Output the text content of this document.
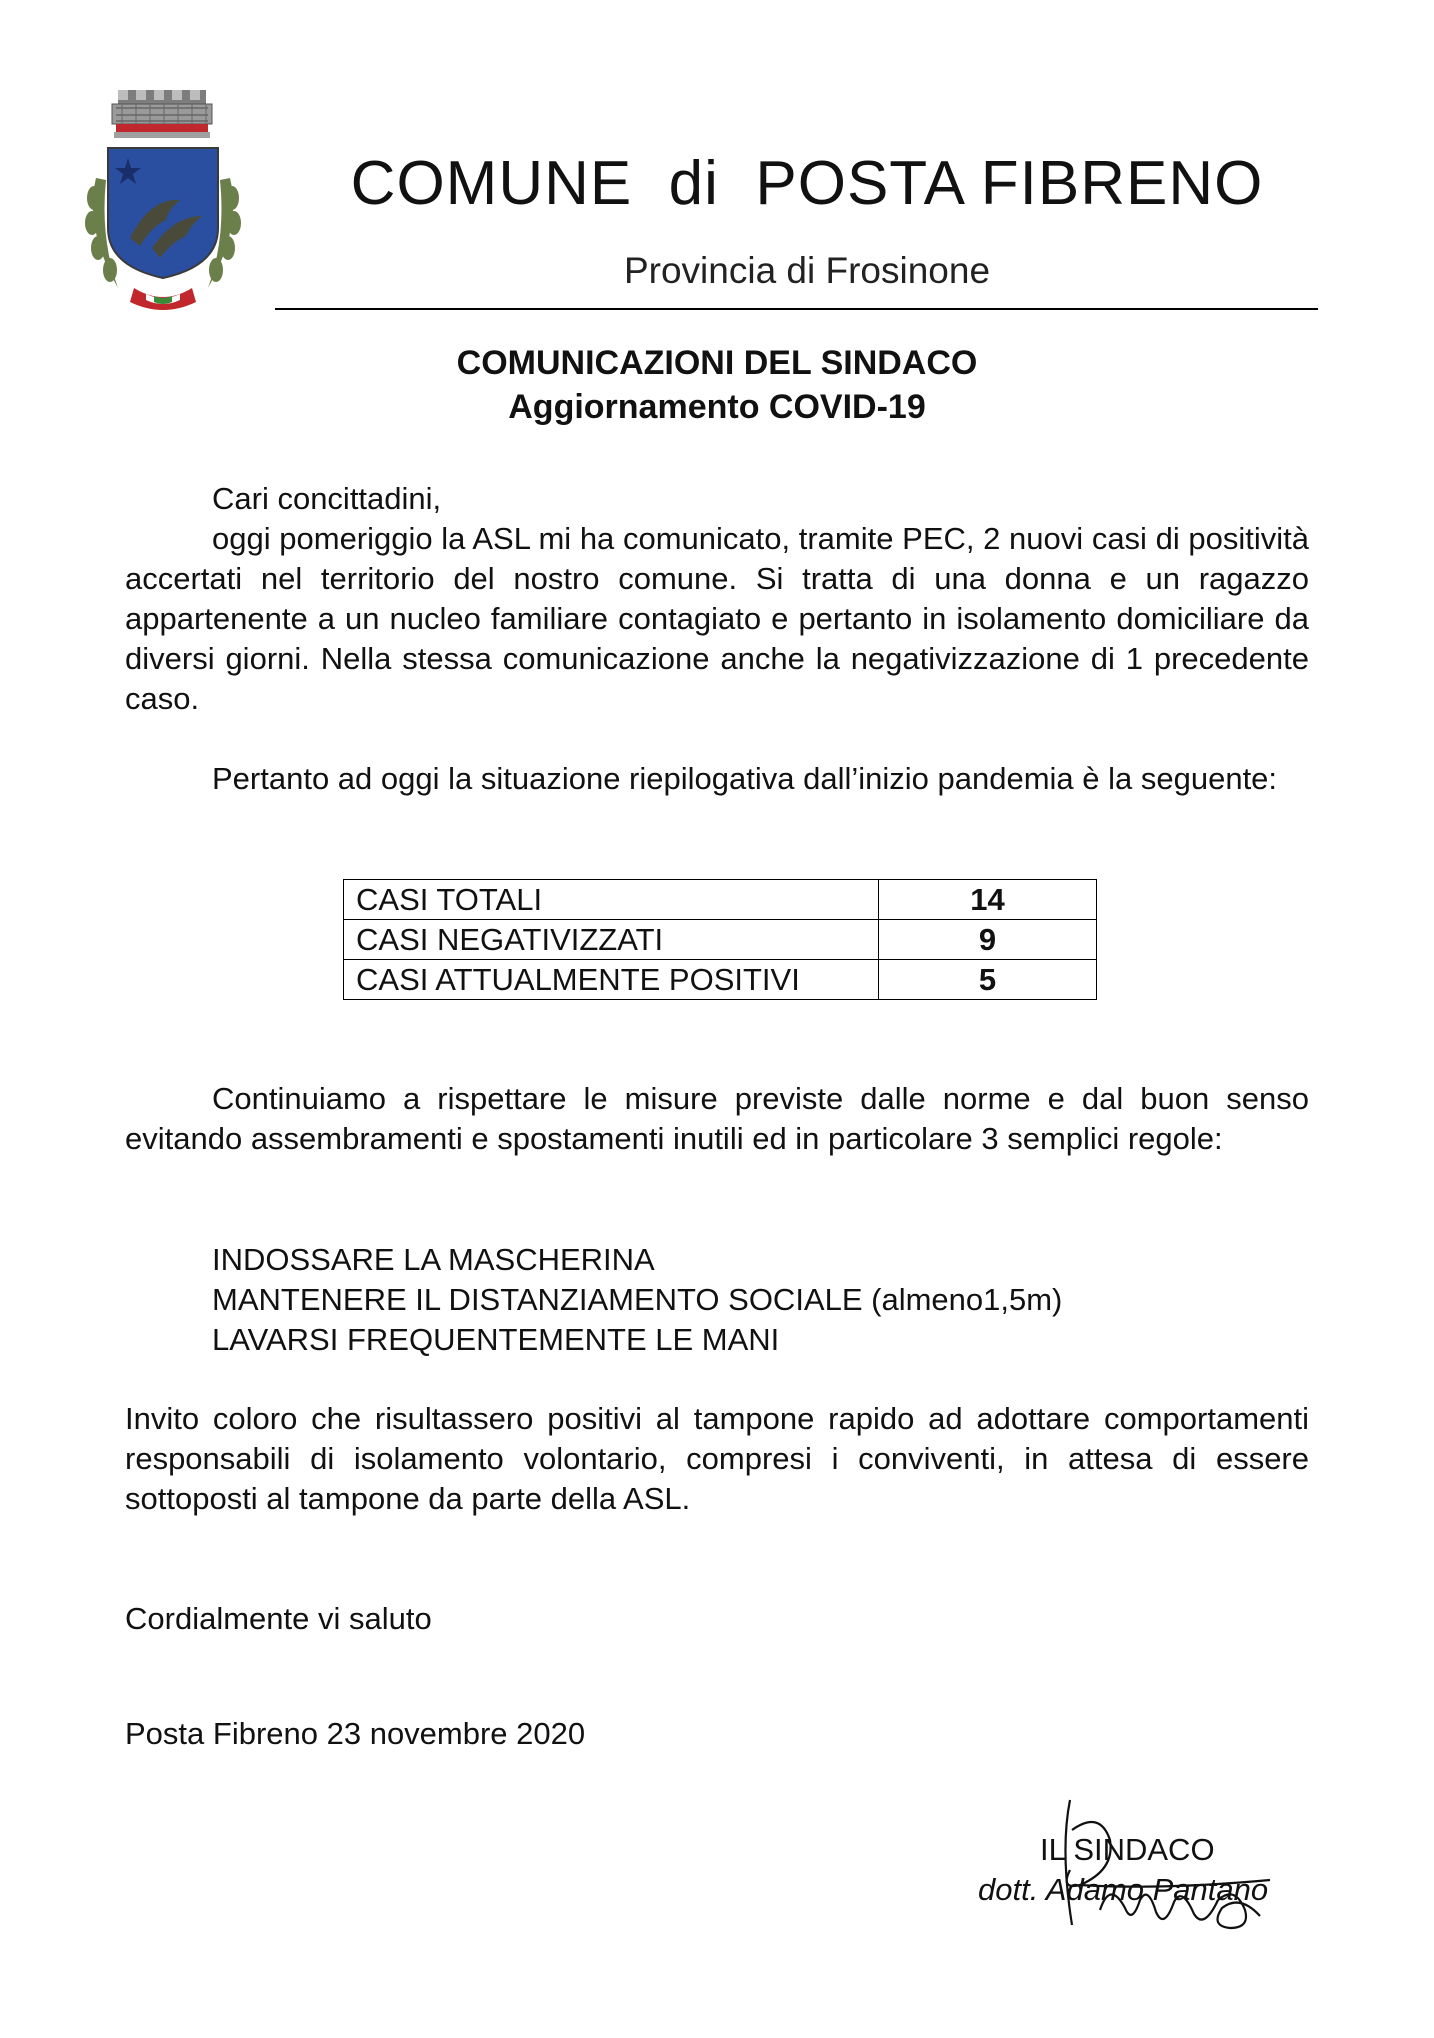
COMUNE  di  POSTA FIBRENO
Provincia di Frosinone
COMUNICAZIONI DEL SINDACO
Aggiornamento COVID-19

Cari concittadini,

oggi pomeriggio la ASL mi ha comunicato, tramite PEC, 2 nuovi casi di positività accertati nel territorio del nostro comune. Si tratta di una donna e un ragazzo appartenente a un nucleo familiare contagiato e pertanto in isolamento domiciliare da diversi giorni. Nella stessa comunicazione anche la negativizzazione di 1 precedente caso.

Pertanto ad oggi la situazione riepilogativa dall’inizio pandemia è la seguente:

CASI TOTALI	14
CASI NEGATIVIZZATI	9
CASI ATTUALMENTE POSITIVI	5

Continuiamo a rispettare le misure previste dalle norme e dal buon senso evitando assembramenti e spostamenti inutili ed in particolare 3 semplici regole:

INDOSSARE LA MASCHERINA
MANTENERE IL DISTANZIAMENTO SOCIALE (almeno1,5m)
LAVARSI FREQUENTEMENTE LE MANI

Invito coloro che risultassero positivi al tampone rapido ad adottare comportamenti responsabili di isolamento volontario, compresi i conviventi, in attesa di essere sottoposti al tampone da parte della ASL.

Cordialmente vi saluto
Posta Fibreno 23 novembre 2020
IL SINDACO
dott. Adamo Pantano
